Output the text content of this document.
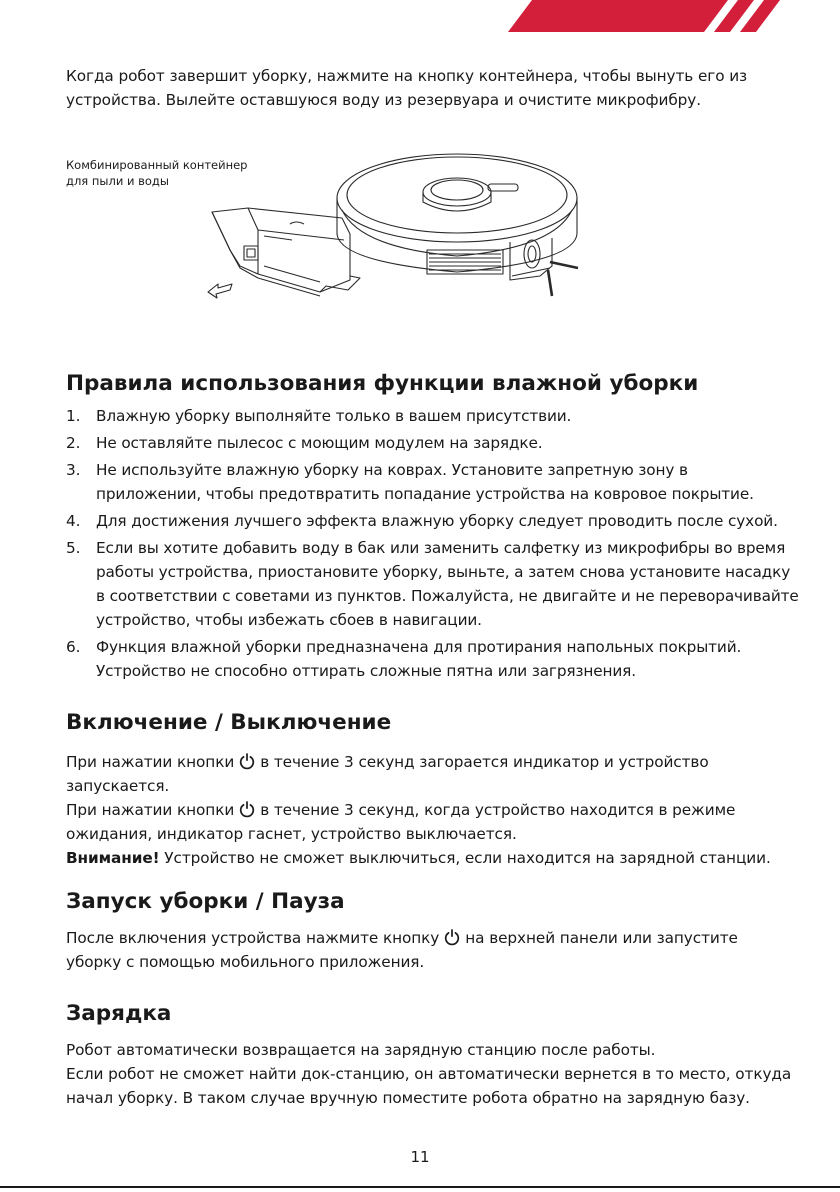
Когда робот завершит уборку, нажмите на кнопку контейнера, чтобы вынуть его из
устройства. Вылейте оставшуюся воду из резервуара и очистите микрофибру.
Комбинированный контейнер
для пыли и воды
Правила использования функции влажной уборки
1. Влажную уборку выполняйте только в вашем присутствии.
2. Не оставляйте пылесос с моющим модулем на зарядке.
3. Не используйте влажную уборку на коврах. Установите запретную зону в
приложении, чтобы предотвратить попадание устройства на ковровое покрытие.
4. Для достижения лучшего эффекта влажную уборку следует проводить после сухой.
5. Если вы хотите добавить воду в бак или заменить салфетку из микрофибры во время
работы устройства, приостановите уборку, выньте, а затем снова установите насадку
в соответствии с советами из пунктов. Пожалуйста, не двигайте и не переворачивайте
устройство, чтобы избежать сбоев в навигации.
6. Функция влажной уборки предназначена для протирания напольных покрытий.
Устройство не способно оттирать сложные пятна или загрязнения.
Включение / Выключение
При нажатии кнопки в течение 3 секунд загорается индикатор и устройство
запускается.
При нажатии кнопки в течение 3 секунд, когда устройство находится в режиме
ожидания, индикатор гаснет, устройство выключается.
Внимание! Устройство не сможет выключиться, если находится на зарядной станции.
Запуск уборки / Пауза
После включения устройства нажмите кнопку на верхней панели или запустите
уборку с помощью мобильного приложения.
Зарядка
Робот автоматически возвращается на зарядную станцию после работы.
Если робот не сможет найти док-станцию, он автоматически вернется в то место, откуда
начал уборку. В таком случае вручную поместите робота обратно на зарядную базу.
11
